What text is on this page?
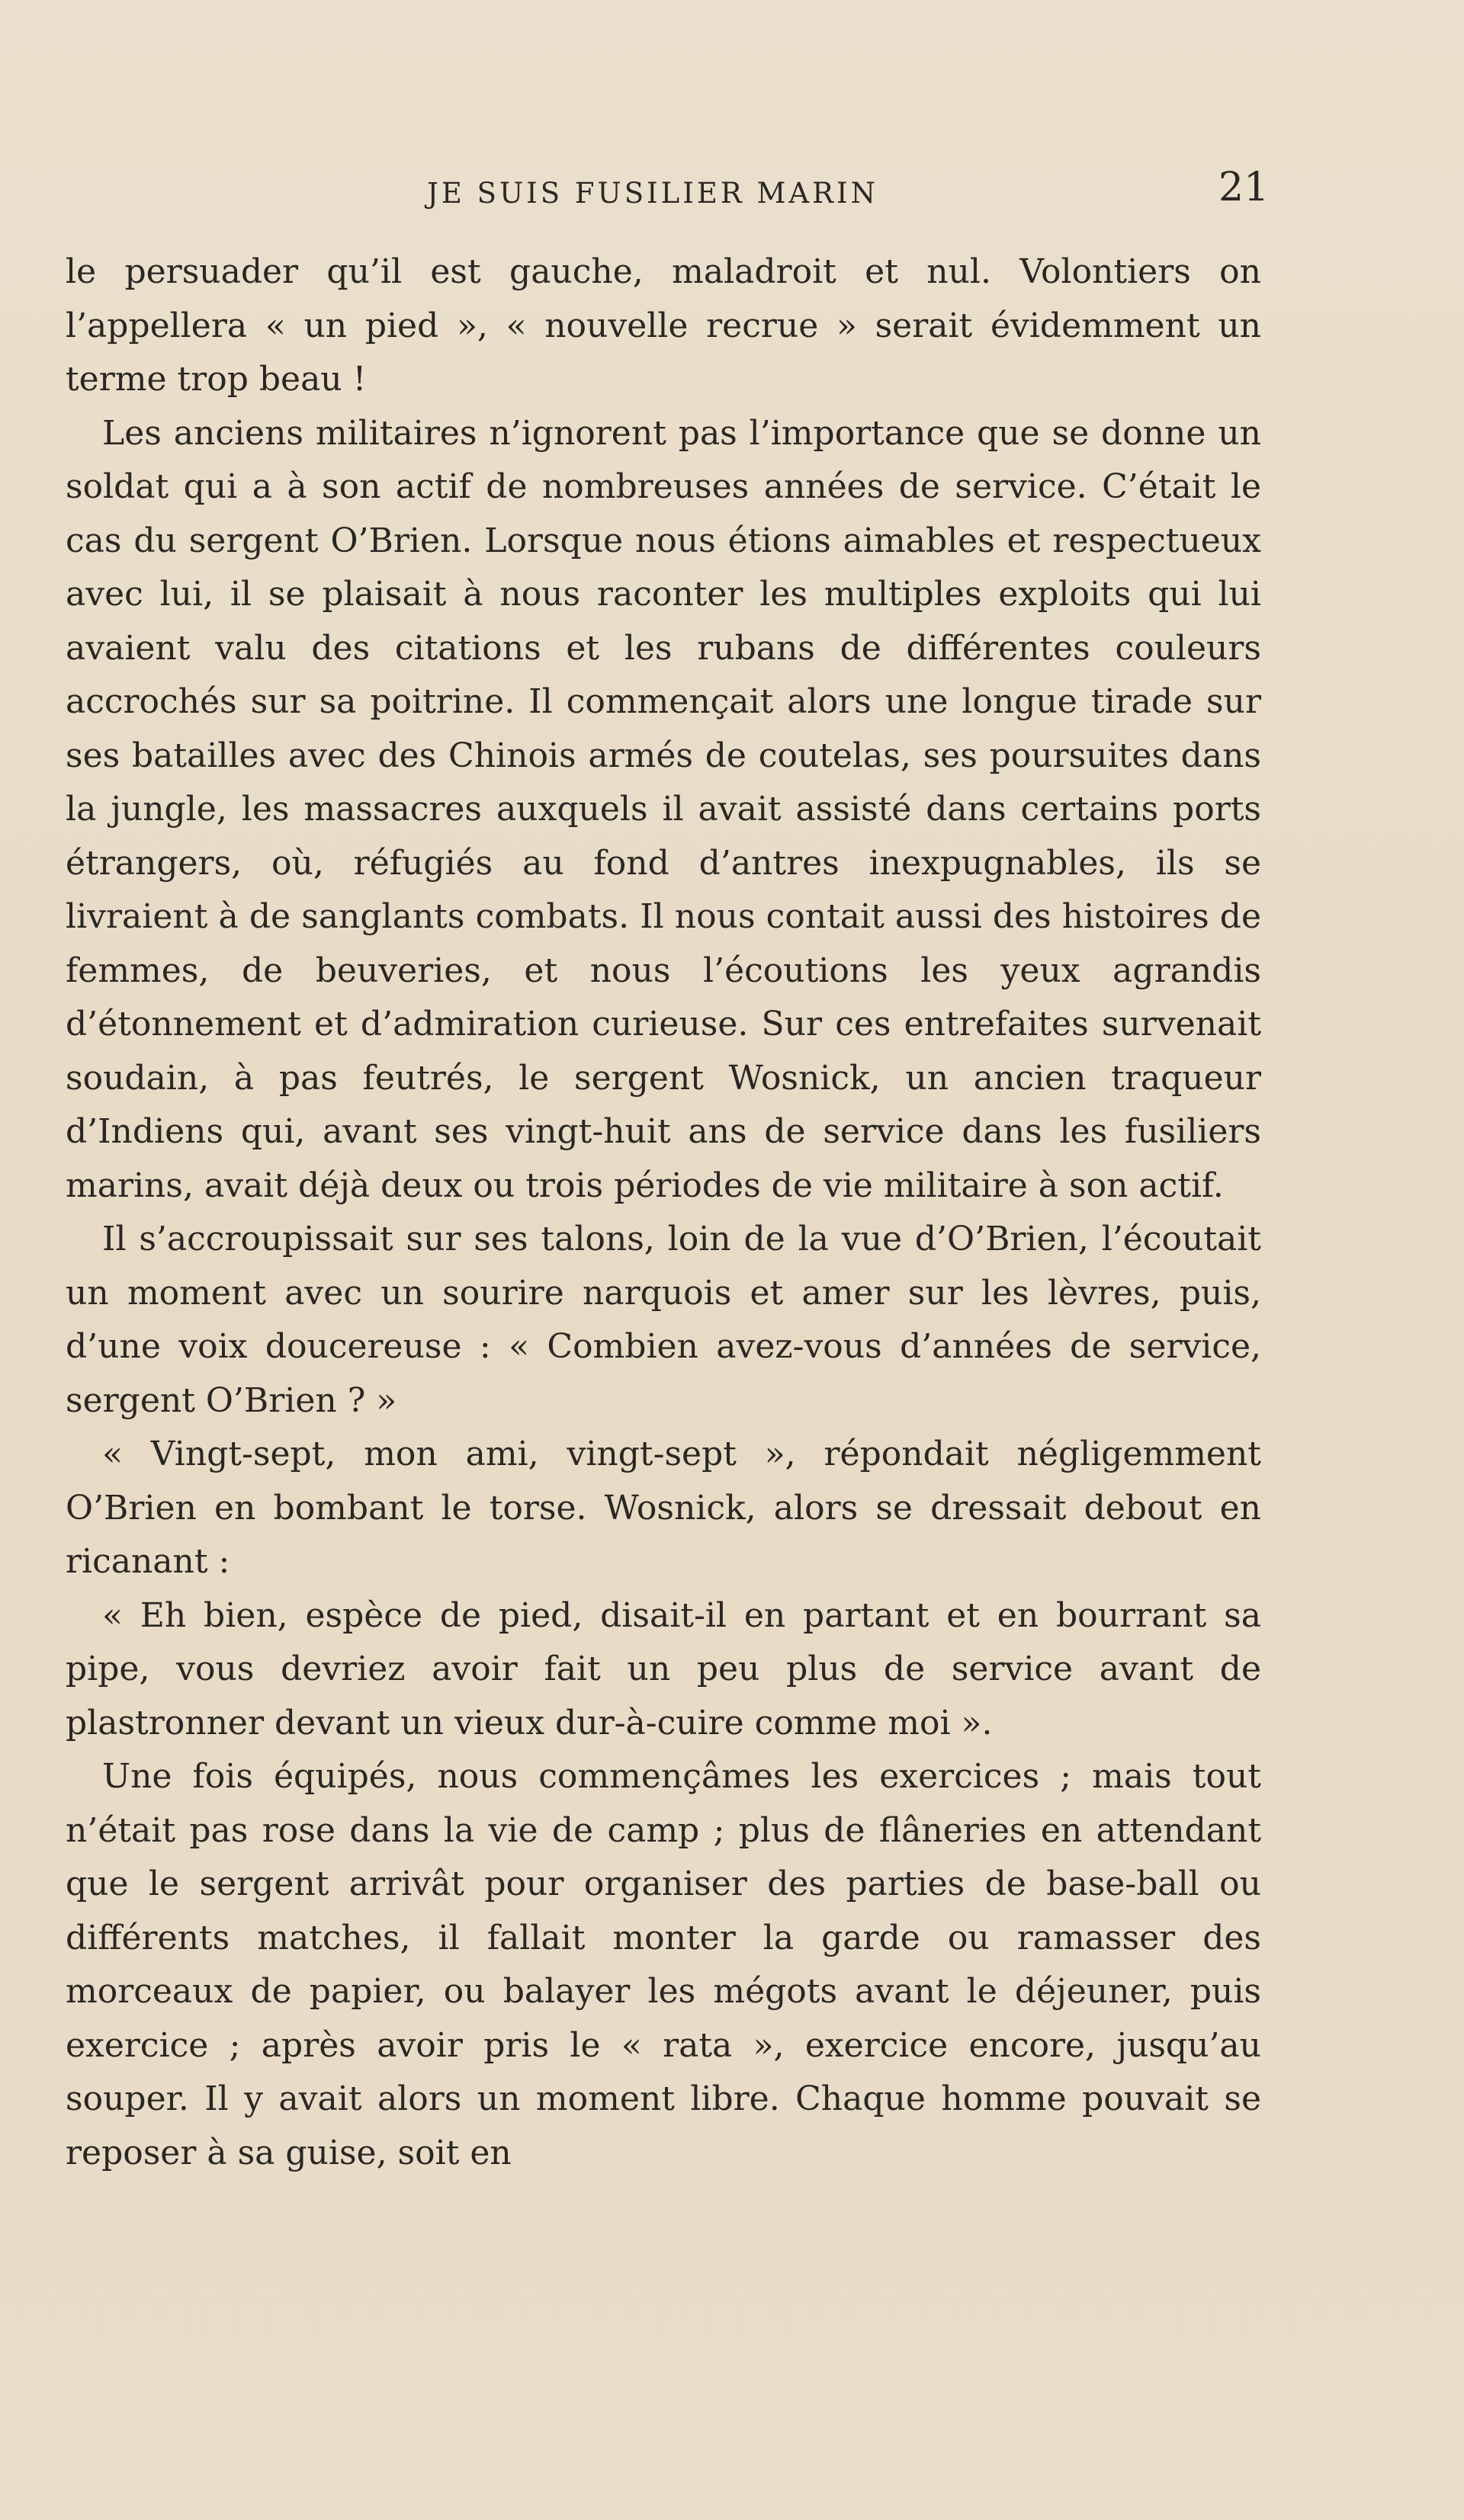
JE SUIS FUSILIER MARIN	21

le persuader qu’il est gauche, maladroit et nul. Volontiers on l’appellera « un pied », « nouvelle recrue » serait évidemment un terme trop beau !

Les anciens militaires n’ignorent pas l’importance que se donne un soldat qui a à son actif de nombreuses années de service. C’était le cas du sergent O’Brien. Lorsque nous étions aimables et respectueux avec lui, il se plaisait à nous raconter les multiples exploits qui lui avaient valu des citations et les rubans de différentes couleurs accrochés sur sa poitrine. Il commençait alors une longue tirade sur ses batailles avec des Chinois armés de coutelas, ses poursuites dans la jungle, les massacres auxquels il avait assisté dans certains ports étrangers, où, réfugiés au fond d’antres inexpugnables, ils se livraient à de sanglants combats. Il nous contait aussi des histoires de femmes, de beuveries, et nous l’écoutions les yeux agrandis d’étonnement et d’admiration curieuse. Sur ces entrefaites survenait soudain, à pas feutrés, le sergent Wosnick, un ancien traqueur d’Indiens qui, avant ses vingt-huit ans de service dans les fusiliers marins, avait déjà deux ou trois périodes de vie militaire à son actif.

Il s’accroupissait sur ses talons, loin de la vue d’O’Brien, l’écoutait un moment avec un sourire narquois et amer sur les lèvres, puis, d’une voix doucereuse : « Combien avez-vous d’années de service, sergent O’Brien ? »

« Vingt-sept, mon ami, vingt-sept », répondait négligemment O’Brien en bombant le torse. Wosnick, alors se dressait debout en ricanant :

« Eh bien, espèce de pied, disait-il en partant et en bourrant sa pipe, vous devriez avoir fait un peu plus de service avant de plastronner devant un vieux dur-à-cuire comme moi ».

Une fois équipés, nous commençâmes les exercices ; mais tout n’était pas rose dans la vie de camp ; plus de flâneries en attendant que le sergent arrivât pour organiser des parties de base-ball ou différents matches, il fallait monter la garde ou ramasser des morceaux de papier, ou balayer les mégots avant le déjeuner, puis exercice ; après avoir pris le « rata », exercice encore, jusqu’au souper. Il y avait alors un moment libre. Chaque homme pouvait se reposer à sa guise, soit en
